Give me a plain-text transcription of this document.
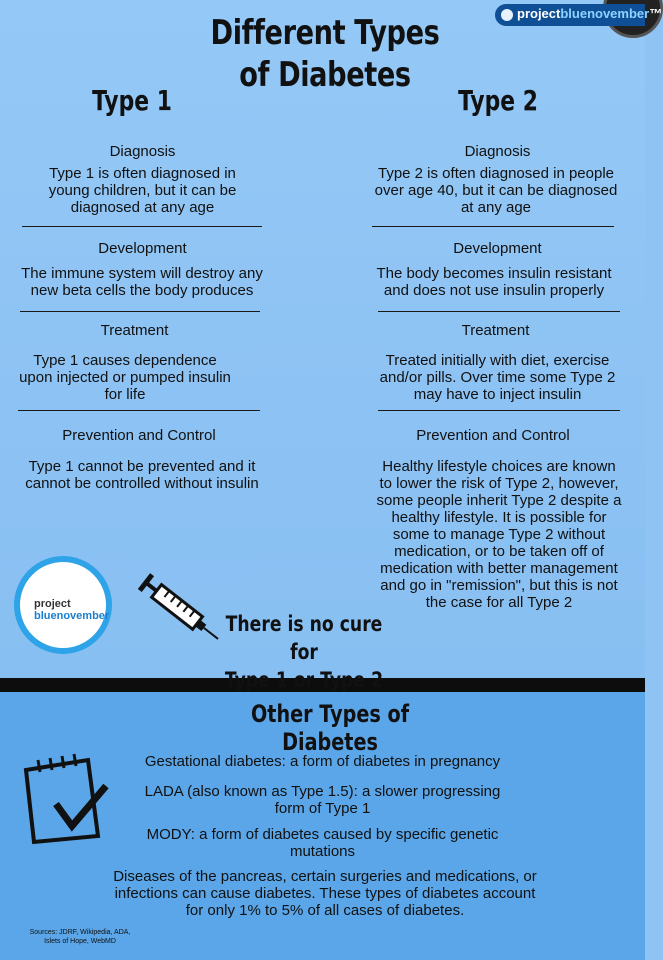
projectbluenovember™
Different Types of Diabetes
Type 1
Diagnosis
Type 1 is often diagnosed in
young children, but it can be
diagnosed at any age
Development
The immune system will destroy any
new beta cells the body produces
Treatment
Type 1 causes dependence
upon injected or pumped insulin
for life
Prevention and Control
Type 1 cannot be prevented and it
cannot be controlled without insulin
Type 2
Diagnosis
Type 2 is often diagnosed in people
over age 40, but it can be diagnosed
at any age
Development
The body becomes insulin resistant
and does not use insulin properly
Treatment
Treated initially with diet, exercise
and/or pills. Over time some Type 2
may have to inject insulin
Prevention and Control
Healthy lifestyle choices are known
to lower the risk of Type 2, however,
some people inherit Type 2 despite a
healthy lifestyle. It is possible for
some to manage Type 2 without
medication, or to be taken off of
medication with better management
and go in "remission", but this is not
the case for all Type 2
project
bluenovember	There is no cure for
Type 1 or Type 2
Other Types of Diabetes
Gestational diabetes: a form of diabetes in pregnancy
LADA (also known as Type 1.5): a slower progressing
form of Type 1
MODY: a form of diabetes caused by specific genetic
mutations
Diseases of the pancreas, certain surgeries and medications, or
infections can cause diabetes. These types of diabetes account
for only 1% to 5% of all cases of diabetes.
Sources: JDRF, Wikipedia, ADA,
Islets of Hope, WebMD
